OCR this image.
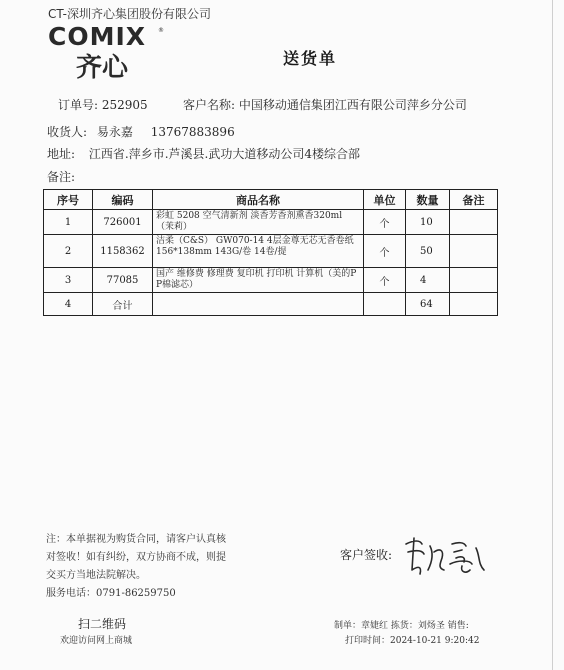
CT-深圳齐心集团股份有限公司
COMIX ®
齐心	送货单
订单号: 252905	客户名称: 中国移动通信集团江西有限公司萍乡分公司
收货人: 易永嘉 13767883896
地址: 江西省.萍乡市.芦溪县.武功大道移动公司4楼综合部
备注:
序号	编码	商品名称	单位	数量	备注
1	726001	彩虹 5208 空气清新剂 淡香芳香剂熏香320ml（茉莉）	个	10	
2	1158362	洁柔（C&S） GW070-14 4层金尊无芯无香卷纸 156*138mm 143G/卷 14卷/提	个	50	
3	77085	国产 维修费 修理费 复印机 打印机 计算机（美的PP棉滤芯）	个	4	
4	合计			64	
注：本单据视为购货合同，请客户认真核
对签收！如有纠纷，双方协商不成，则提
交买方当地法院解决。
服务电话：0791-86259750
客户签收:
扫二维码
欢迎访问网上商城
制单：章婕红 拣货：刘炀圣 销售:
打印时间：2024-10-21 9:20:42
